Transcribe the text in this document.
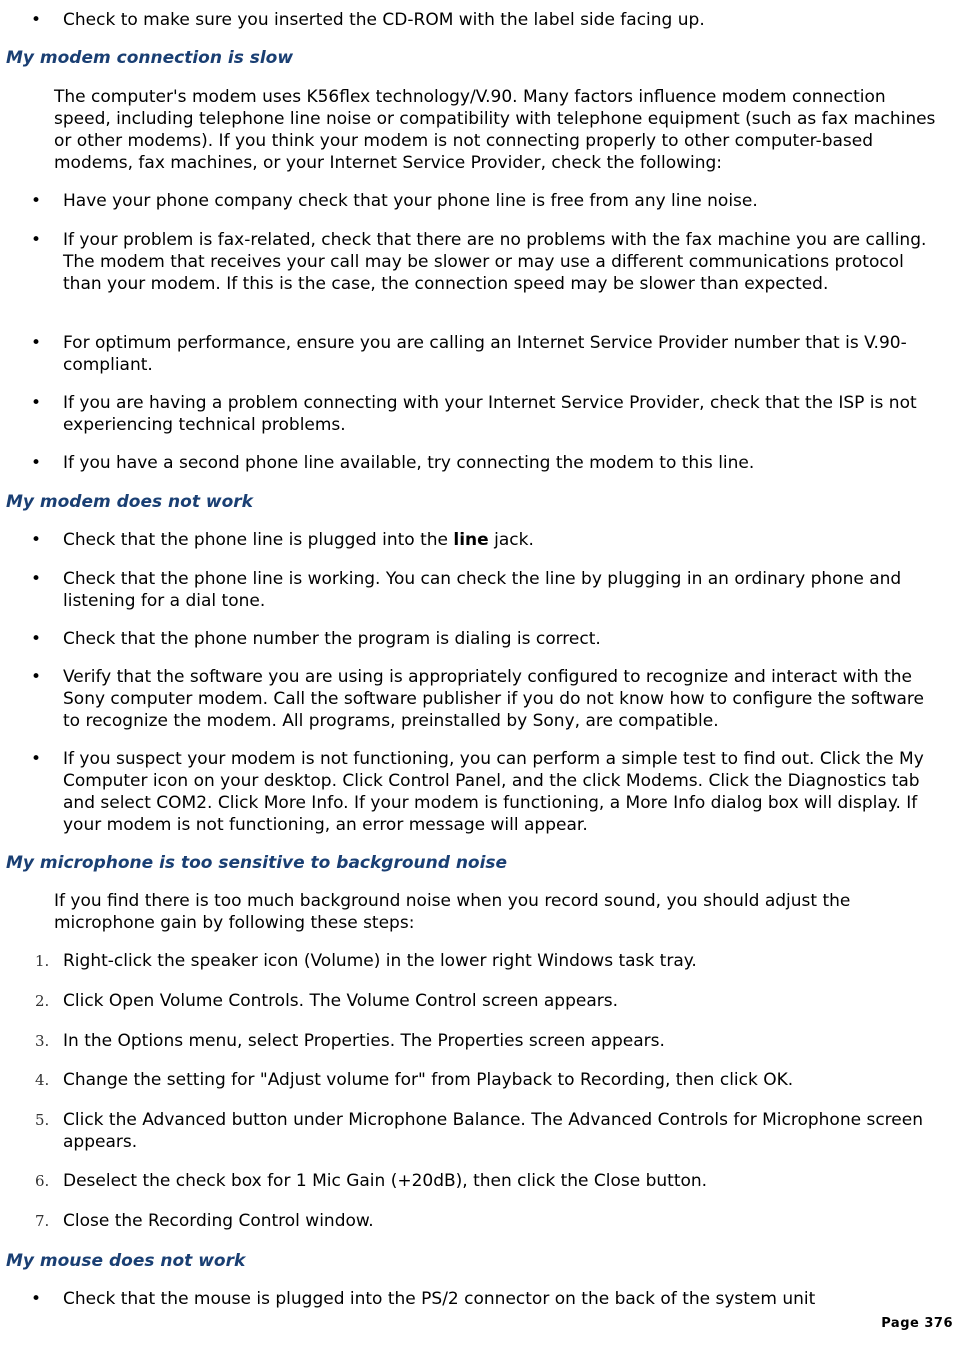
• Check to make sure you inserted the CD-ROM with the label side facing up.
My modem connection is slow

The computer's modem uses K56flex technology/V.90. Many factors influence modem connection speed, including telephone line noise or compatibility with telephone equipment (such as fax machines or other modems). If you think your modem is not connecting properly to other computer-based modems, fax machines, or your Internet Service Provider, check the following:

• Have your phone company check that your phone line is free from any line noise.
• If your problem is fax-related, check that there are no problems with the fax machine you are calling. The modem that receives your call may be slower or may use a different communications protocol than your modem. If this is the case, the connection speed may be slower than expected.
• For optimum performance, ensure you are calling an Internet Service Provider number that is V.90-compliant.
• If you are having a problem connecting with your Internet Service Provider, check that the ISP is not experiencing technical problems.
• If you have a second phone line available, try connecting the modem to this line.
My modem does not work
• Check that the phone line is plugged into the line jack.
• Check that the phone line is working. You can check the line by plugging in an ordinary phone and listening for a dial tone.
• Check that the phone number the program is dialing is correct.
• Verify that the software you are using is appropriately configured to recognize and interact with the Sony computer modem. Call the software publisher if you do not know how to configure the software to recognize the modem. All programs, preinstalled by Sony, are compatible.
• If you suspect your modem is not functioning, you can perform a simple test to find out. Click the My Computer icon on your desktop. Click Control Panel, and the click Modems. Click the Diagnostics tab and select COM2. Click More Info. If your modem is functioning, a More Info dialog box will display. If your modem is not functioning, an error message will appear.
My microphone is too sensitive to background noise

If you find there is too much background noise when you record sound, you should adjust the microphone gain by following these steps:

1. Right-click the speaker icon (Volume) in the lower right Windows task tray.
2. Click Open Volume Controls. The Volume Control screen appears.
3. In the Options menu, select Properties. The Properties screen appears.
4. Change the setting for "Adjust volume for" from Playback to Recording, then click OK.
5. Click the Advanced button under Microphone Balance. The Advanced Controls for Microphone screen appears.
6. Deselect the check box for 1 Mic Gain (+20dB), then click the Close button.
7. Close the Recording Control window.
My mouse does not work
• Check that the mouse is plugged into the PS/2 connector on the back of the system unit
Page 376
